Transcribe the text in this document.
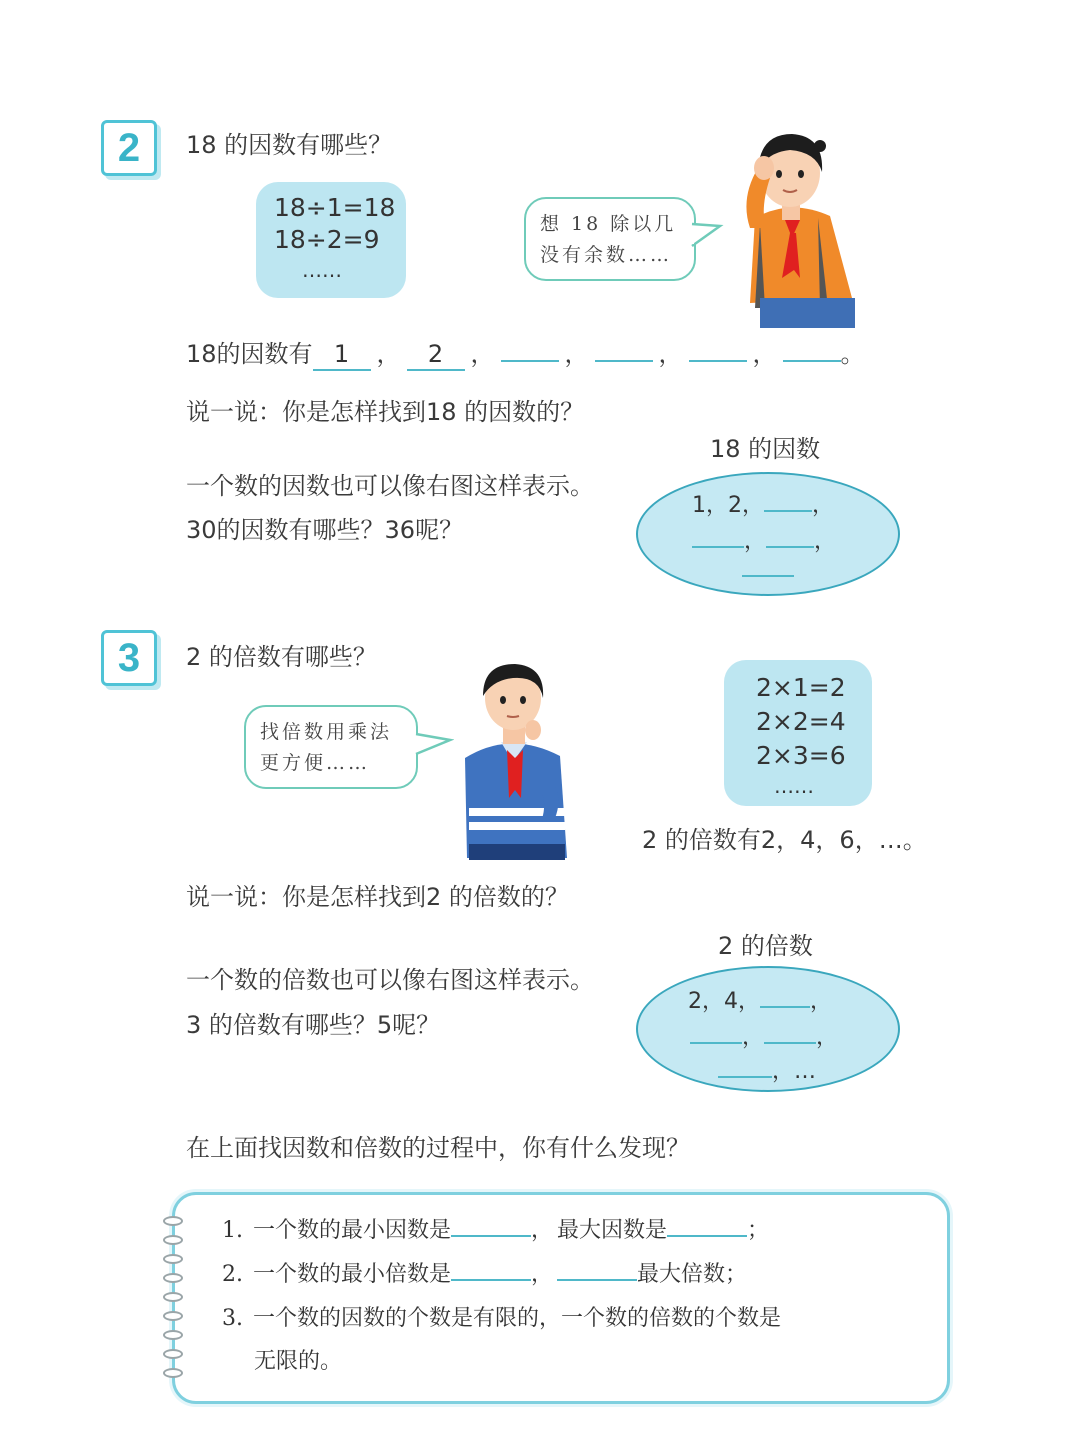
2	18 的因数有哪些？
18÷1=18
18÷2=9
……
想 18 除以几
没有余数……
18的因数有 1 ， 2 ，	，	，	，	。
说一说：你是怎样找到18 的因数的？
18 的因数
一个数的因数也可以像右图这样表示。
30的因数有哪些？36呢？
1，2， ，
， ，
3	2 的倍数有哪些？
找倍数用乘法
更方便……
2×1=2
2×2=4
2×3=6
……
2 的倍数有2，4，6，…。
说一说：你是怎样找到2 的倍数的？
2 的倍数
一个数的倍数也可以像右图这样表示。
3 的倍数有哪些？5呢？
2，4， ，
， ，
，…
在上面找因数和倍数的过程中，你有什么发现？
1. 一个数的最小因数是	， 最大因数是	；
2. 一个数的最小倍数是	，	最大倍数；
3. 一个数的因数的个数是有限的，一个数的倍数的个数是
无限的。
